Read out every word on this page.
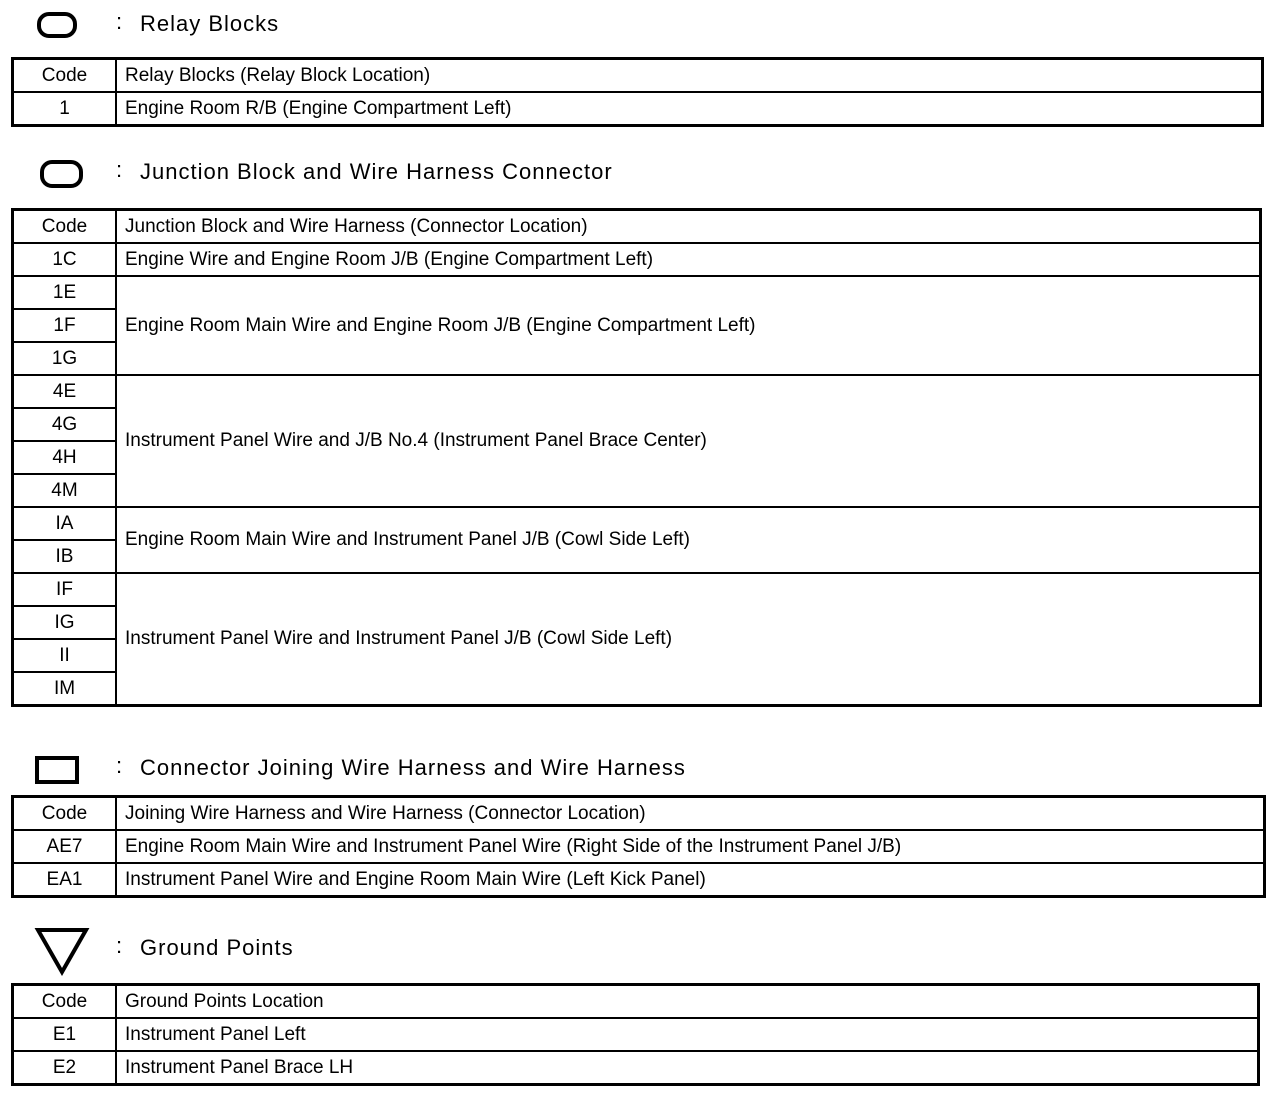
: Relay Blocks
Code	Relay Blocks (Relay Block Location)
1	Engine Room R/B (Engine Compartment Left)
: Junction Block and Wire Harness Connector
Code	Junction Block and Wire Harness (Connector Location)
1C	Engine Wire and Engine Room J/B (Engine Compartment Left)
1E	Engine Room Main Wire and Engine Room J/B (Engine Compartment Left)
1F	
1G	
4E	Instrument Panel Wire and J/B No.4 (Instrument Panel Brace Center)
4G	
4H	
4M	
IA	Engine Room Main Wire and Instrument Panel J/B (Cowl Side Left)
IB	
IF	Instrument Panel Wire and Instrument Panel J/B (Cowl Side Left)
IG	
II	
IM	
: Connector Joining Wire Harness and Wire Harness
Code	Joining Wire Harness and Wire Harness (Connector Location)
AE7	Engine Room Main Wire and Instrument Panel Wire (Right Side of the Instrument Panel J/B)
EA1	Instrument Panel Wire and Engine Room Main Wire (Left Kick Panel)
: Ground Points
Code	Ground Points Location
E1	Instrument Panel Left
E2	Instrument Panel Brace LH
